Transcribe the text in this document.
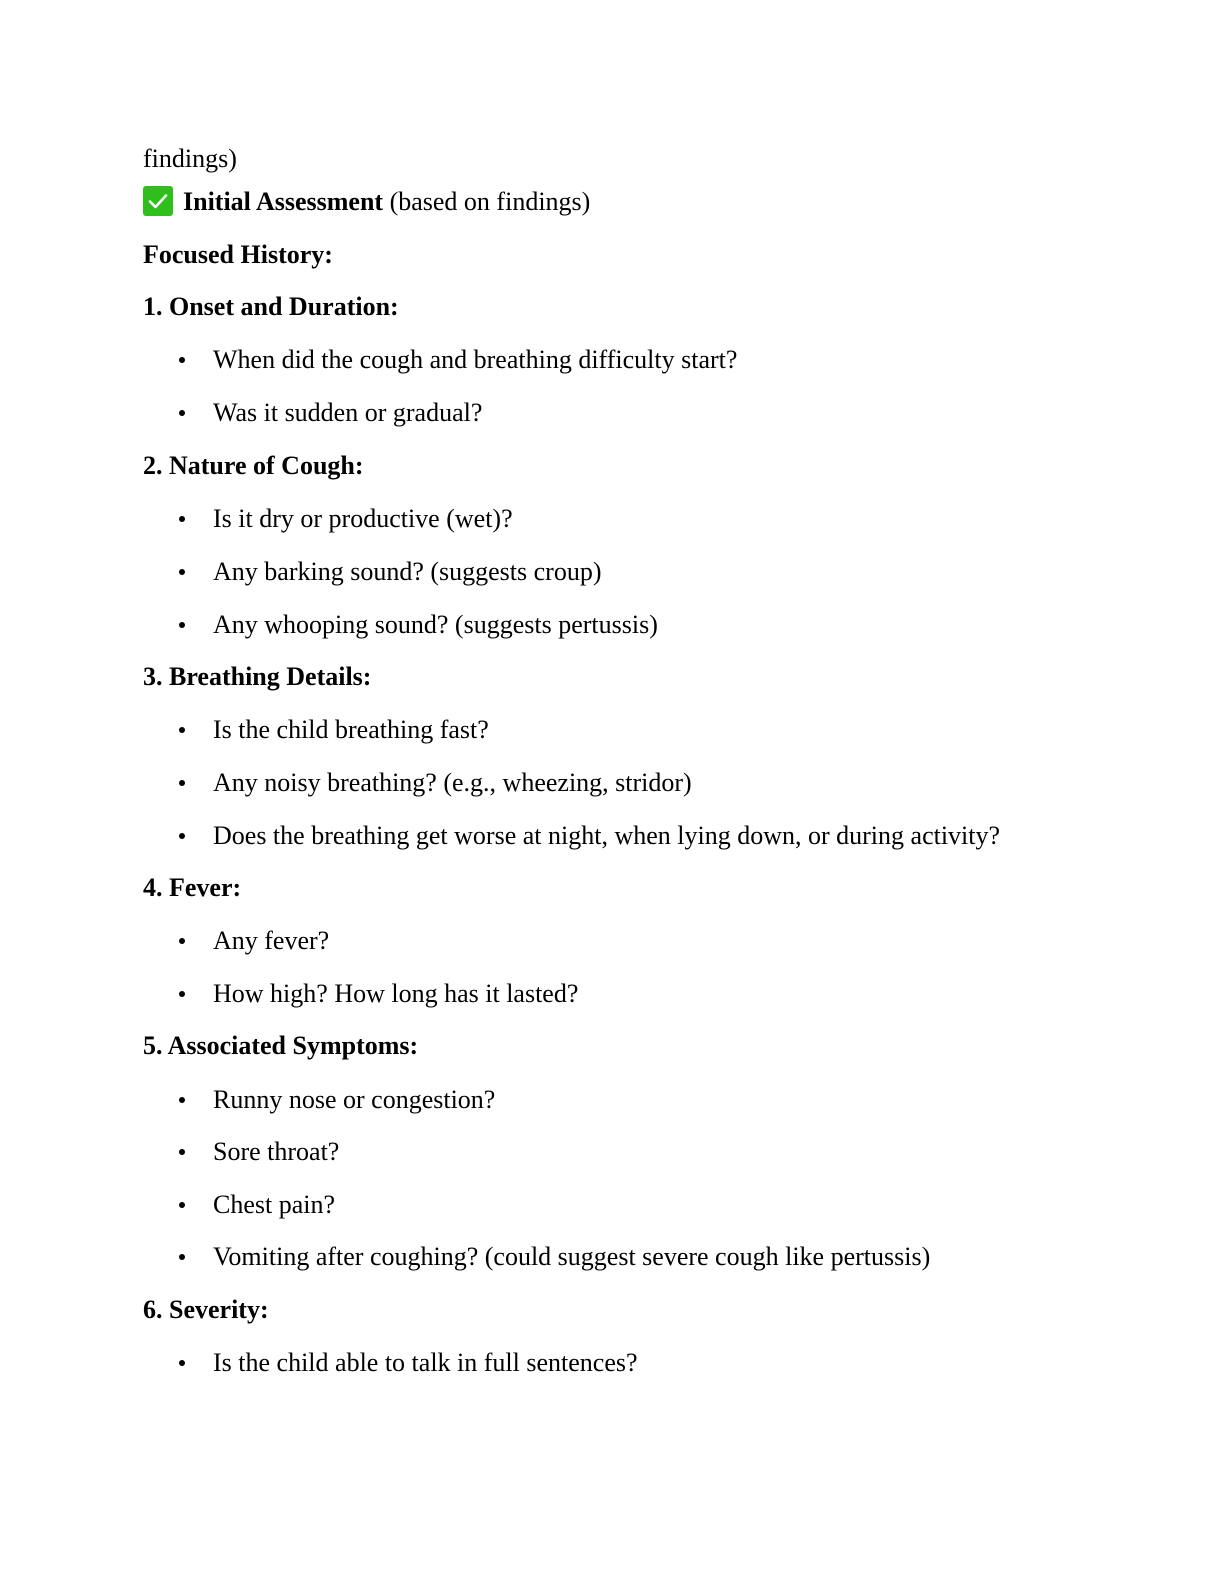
findings)
Initial Assessment (based on findings)
Focused History:
1. Onset and Duration:
When did the cough and breathing difficulty start?
Was it sudden or gradual?
2. Nature of Cough:
Is it dry or productive (wet)?
Any barking sound? (suggests croup)
Any whooping sound? (suggests pertussis)
3. Breathing Details:
Is the child breathing fast?
Any noisy breathing? (e.g., wheezing, stridor)
Does the breathing get worse at night, when lying down, or during activity?
4. Fever:
Any fever?
How high? How long has it lasted?
5. Associated Symptoms:
Runny nose or congestion?
Sore throat?
Chest pain?
Vomiting after coughing? (could suggest severe cough like pertussis)
6. Severity:
Is the child able to talk in full sentences?
